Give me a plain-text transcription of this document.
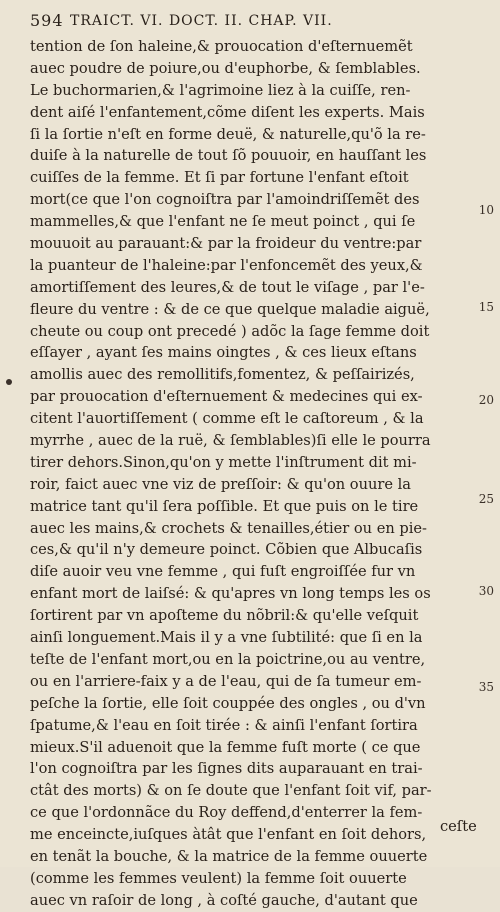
594 TRAICT. VI. DOCT. II. CHAP. VII.
tention de ſon haleine,& prouocation d'eſternuemẽt
auec poudre de poiure,ou d'euphorbe, & ſemblables.
Le buchormarien,& l'agrimoine liez à la cuiſſe, ren-
dent aiſé l'enfantement,cõme diſent les experts. Mais
ſi la ſortie n'eſt en forme deuë, & naturelle,qu'õ la re-
duiſe à la naturelle de tout ſõ pouuoir, en hauſſant les
cuiſſes de la femme. Et ſi par fortune l'enfant eſtoit
mort(ce que l'on cognoiſtra par l'amoindriſſemẽt des
mammelles,& que l'enfant ne ſe meut poinct , qui ſe
mouuoit au parauant:& par la froideur du ventre:par
la puanteur de l'haleine:par l'enfoncemẽt des yeux,&
amortiſſement des leures,& de tout le viſage , par l'e-
fleure du ventre : & de ce que quelque maladie aiguë,
cheute ou coup ont precedé ) adõc la ſage femme doit
eſſayer , ayant ſes mains oingtes , & ces lieux eſtans
amollis auec des remollitifs,fomentez, & peſſairizés,
par prouocation d'eſternuement & medecines qui ex-
citent l'auortiſſement ( comme eſt le caſtoreum , & la
myrrhe , auec de la ruë, & ſemblables)ſi elle le pourra
tirer dehors.Sinon,qu'on y mette l'inſtrument dit mi-
roir, faict auec vne viz de preſſoir: & qu'on ouure la
matrice tant qu'il ſera poſſible. Et que puis on le tire
auec les mains,& crochets & tenailles,étier ou en pie-
ces,& qu'il n'y demeure poinct. Cõbien que Albucaſis
diſe auoir veu vne femme , qui fuſt engroiſſée fur vn
enfant mort de laiſsé: & qu'apres vn long temps les os
ſortirent par vn apoſteme du nõbril:& qu'elle veſquit
ainſi longuement.Mais il y a vne ſubtilité: que ſi en la
teſte de l'enfant mort,ou en la poictrine,ou au ventre,
ou en l'arriere-faix y a de l'eau, qui de ſa tumeur em-
peſche la ſortie, elle ſoit couppée des ongles , ou d'vn
ſpatume,& l'eau en ſoit tirée : & ainſi l'enfant ſortira
mieux.S'il aduenoit que la femme fuſt morte ( ce que
l'on cognoiſtra par les ſignes dits auparauant en trai-
ctât des morts) & on ſe doute que l'enfant ſoit vif, par-
ce que l'ordonnãce du Roy deffend,d'enterrer la fem-
me enceincte,iuſques àtât que l'enfant en ſoit dehors,
en tenãt la bouche, & la matrice de la femme ouuerte
(comme les femmes veulent) la femme ſoit ouuerte
auec vn raſoir de long , à coſté gauche, d'autant que
10
15
20
25
30
35
ceſte
